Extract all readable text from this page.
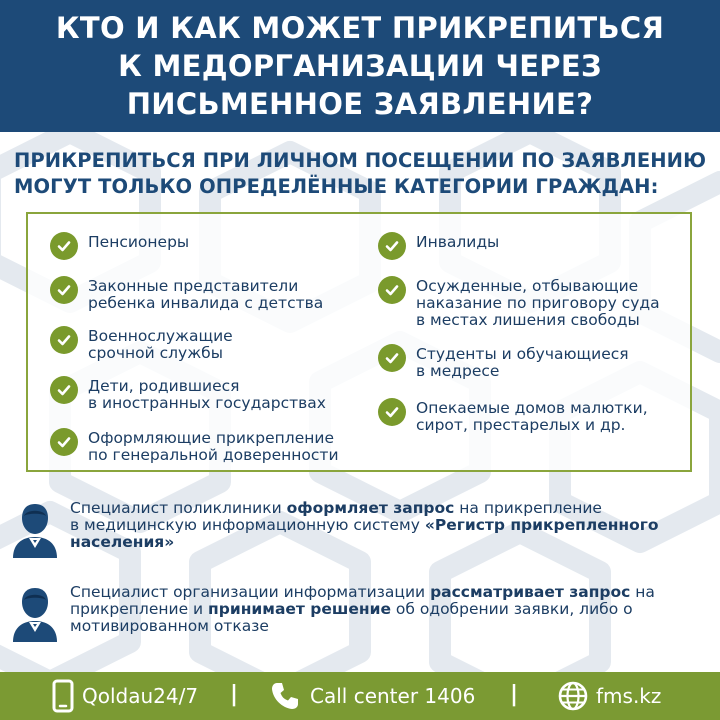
КТО И КАК МОЖЕТ ПРИКРЕПИТЬСЯ
К МЕДОРГАНИЗАЦИИ ЧЕРЕЗ
ПИСЬМЕННОЕ ЗАЯВЛЕНИЕ?
ПРИКРЕПИТЬСЯ ПРИ ЛИЧНОМ ПОСЕЩЕНИИ ПО ЗАЯВЛЕНИЮ
МОГУТ ТОЛЬКО ОПРЕДЕЛЁННЫЕ КАТЕГОРИИ ГРАЖДАН:
Пенсионеры
Законные представители
ребенка инвалида с детства
Военнослужащие
срочной службы
Дети, родившиеся
в иностранных государствах
Оформляющие прикрепление
по генеральной доверенности
Инвалиды
Осужденные, отбывающие
наказание по приговору суда
в местах лишения свободы
Студенты и обучающиеся
в медресе
Опекаемые домов малютки,
сирот, престарелых и др.
Специалист поликлиники оформляет запрос на прикрепление
в медицинскую информационную систему «Регистр прикрепленного
населения»
Специалист организации информатизации рассматривает запрос на
прикрепление и принимает решение об одобрении заявки, либо о
мотивированном отказе
Qoldau24/7 |	Call center 1406 |	fms.kz
